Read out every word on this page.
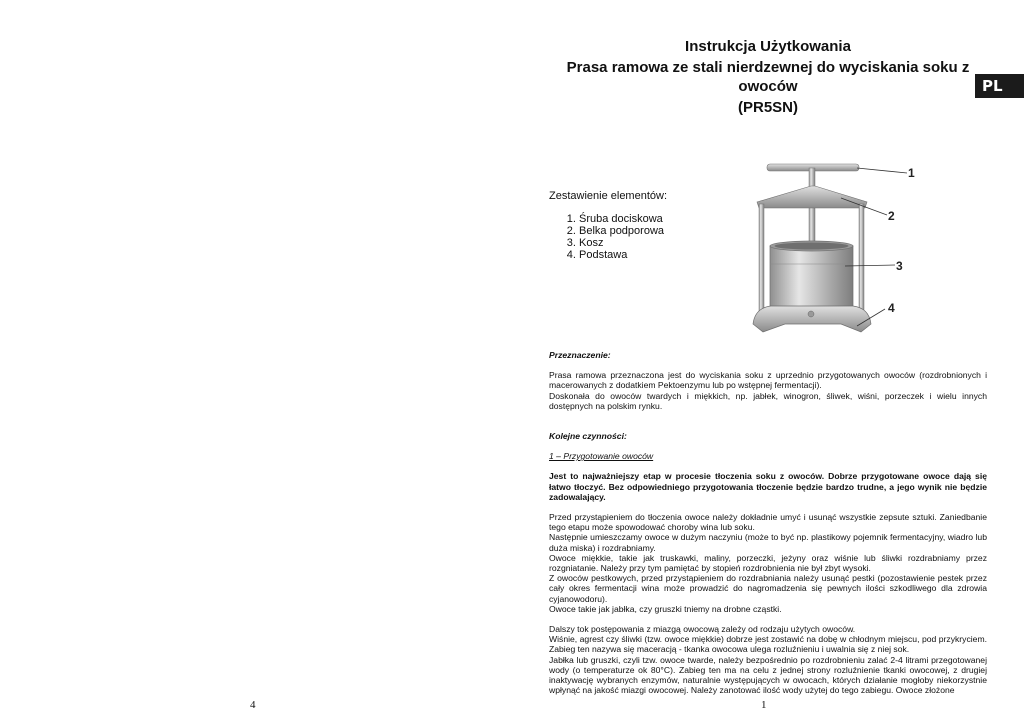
4	1
Instrukcja Użytkowania
Prasa ramowa ze stali nierdzewnej do wyciskania soku z owoców
(PR5SN)
PL
Zestawienie elementów:
1. Śruba dociskowa
2. Belka podporowa
3. Kosz
4. Podstawa
1
2
3
4

Przeznaczenie:

Prasa ramowa przeznaczona jest do wyciskania soku z uprzednio przygotowanych owoców (rozdrobnionych i macerowanych z dodatkiem Pektoenzymu lub po wstępnej fermentacji).

Doskonała do owoców twardych i miękkich, np. jabłek, winogron, śliwek, wiśni, porzeczek i wielu innych dostępnych na polskim rynku.

Kolejne czynności:

1 – Przygotowanie owoców

Jest to najważniejszy etap w procesie tłoczenia soku z owoców. Dobrze przygotowane owoce dają się łatwo tłoczyć. Bez odpowiedniego przygotowania tłoczenie będzie bardzo trudne, a jego wynik nie będzie zadowalający.

Przed przystąpieniem do tłoczenia owoce należy dokładnie umyć i usunąć wszystkie zepsute sztuki. Zaniedbanie tego etapu może spowodować choroby wina lub soku.

Następnie umieszczamy owoce w dużym naczyniu (może to być np. plastikowy pojemnik fermentacyjny, wiadro lub duża miska) i rozdrabniamy.

Owoce miękkie, takie jak truskawki, maliny, porzeczki, jeżyny oraz wiśnie lub śliwki rozdrabniamy przez rozgniatanie. Należy przy tym pamiętać by stopień rozdrobnienia nie był zbyt wysoki.

Z owoców pestkowych, przed przystąpieniem do rozdrabniania należy usunąć pestki (pozostawienie pestek przez cały okres fermentacji wina może prowadzić do nagromadzenia się pewnych ilości szkodliwego dla zdrowia cyjanowodoru).

Owoce takie jak jabłka, czy gruszki tniemy na drobne cząstki.

Dalszy tok postępowania z miazgą owocową zależy od rodzaju użytych owoców.

Wiśnie, agrest czy śliwki (tzw. owoce miękkie) dobrze jest zostawić na dobę w chłodnym miejscu, pod przykryciem. Zabieg ten nazywa się maceracją - tkanka owocowa ulega rozluźnieniu i uwalnia się z niej sok.

Jabłka lub gruszki, czyli tzw. owoce twarde, należy bezpośrednio po rozdrobnieniu zalać 2-4 litrami przegotowanej wody (o temperaturze ok 80°C). Zabieg ten ma na celu z jednej strony rozluźnienie tkanki owocowej, z drugiej inaktywację wybranych enzymów, naturalnie występujących w owocach, których działanie mogłoby niekorzystnie wpłynąć na jakość miazgi owocowej. Należy zanotować ilość wody użytej do tego zabiegu. Owoce złożone
